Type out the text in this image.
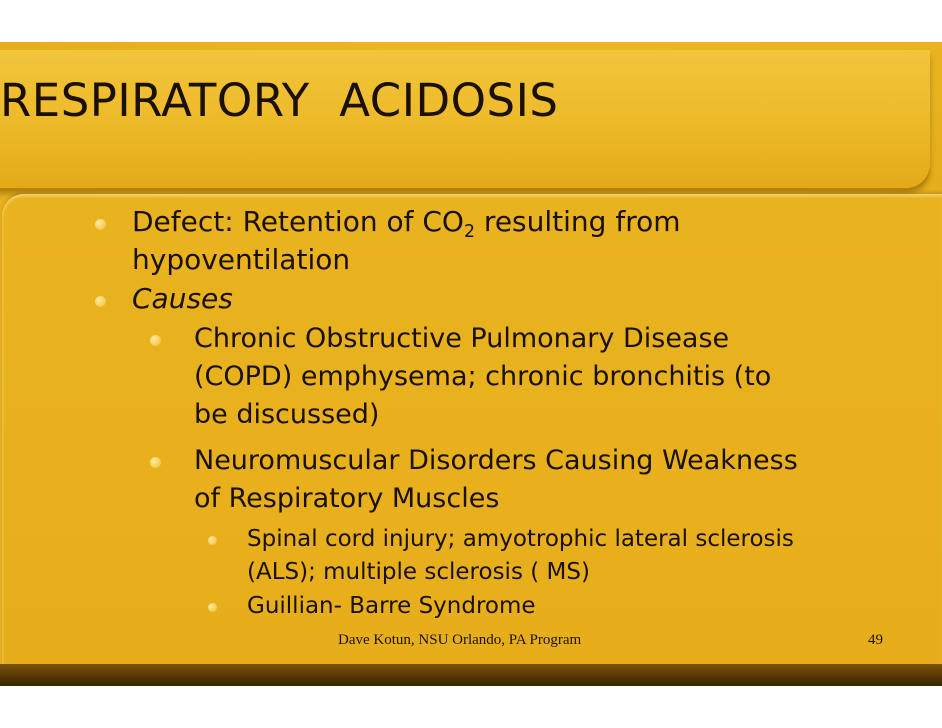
RESPIRATORY  ACIDOSIS
Defect: Retention of $CO_2$ resulting from
hypoventilation
Causes
Chronic Obstructive Pulmonary Disease
(COPD) emphysema; chronic bronchitis (to
be discussed)
Neuromuscular Disorders Causing Weakness
of Respiratory Muscles
Spinal cord injury; amyotrophic lateral sclerosis
(ALS); multiple sclerosis ( MS)
Guillian- Barre Syndrome
Dave Kotun, NSU Orlando, PA Program	49
